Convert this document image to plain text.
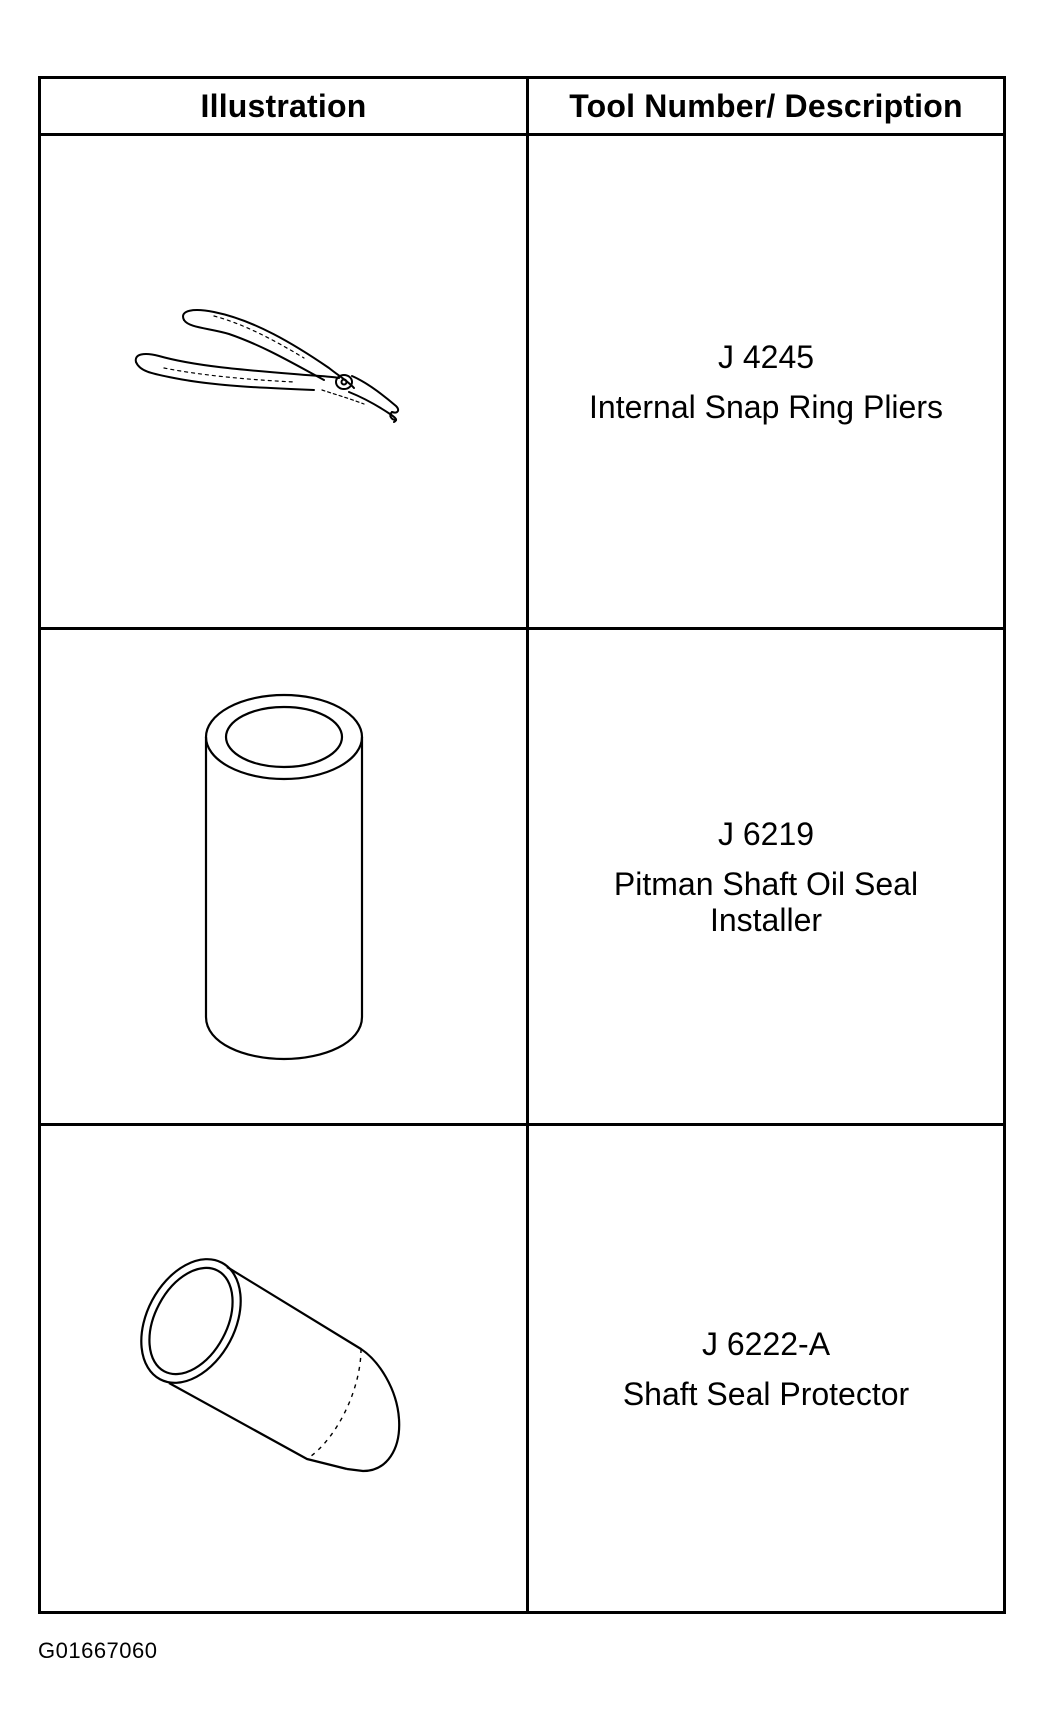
Illustration	Tool Number/ Description
J 4245
Internal Snap Ring Pliers
J 6219
Pitman Shaft Oil Seal Installer
J 6222-A
Shaft Seal Protector
G01667060
